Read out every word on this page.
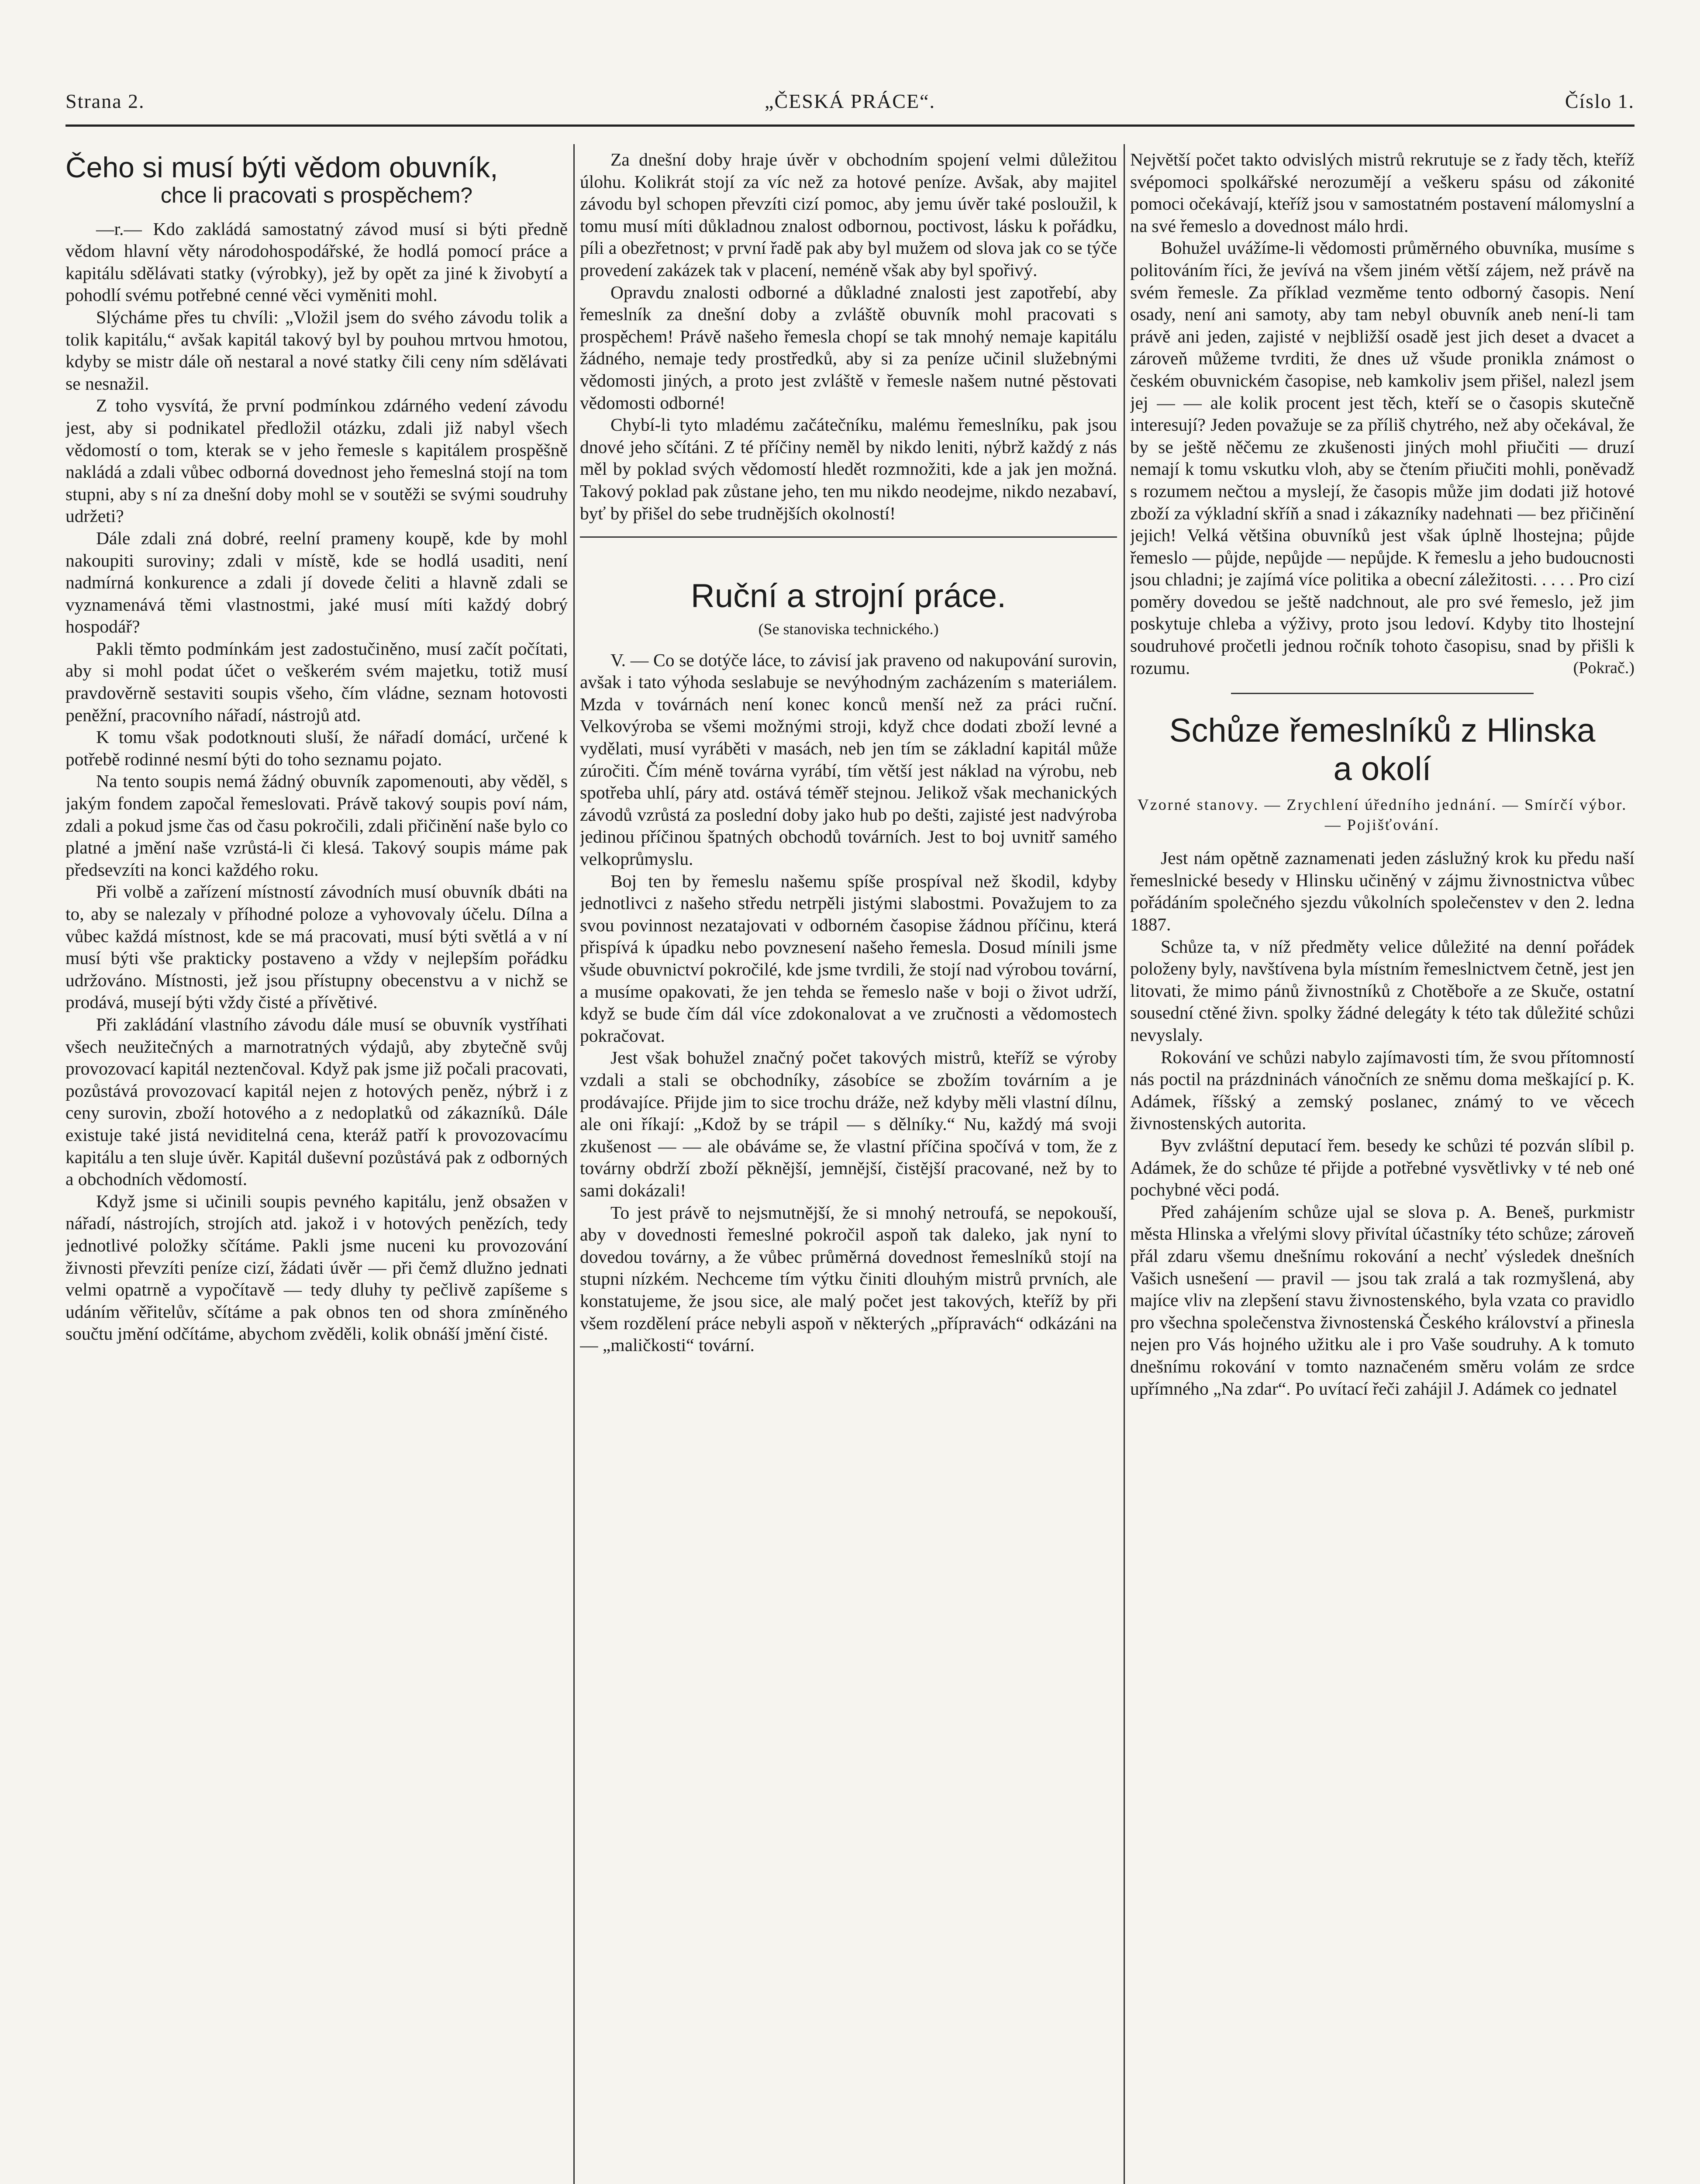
Strana 2.	„ČESKÁ PRÁCE“.	Číslo 1.
Čeho si musí býti vědom obuvník,
chce li pracovati s prospěchem?

—r.— Kdo zakládá samostatný závod musí si býti předně vědom hlavní věty národohospodářské, že hodlá pomocí práce a kapitálu sdělávati statky (výrobky), jež by opět za jiné k živobytí a pohodlí svému potřebné cenné věci vyměniti mohl.

Slýcháme přes tu chvíli: „Vložil jsem do svého závodu tolik a tolik kapitálu,“ avšak kapitál takový byl by pouhou mrtvou hmotou, kdyby se mistr dále oň nestaral a nové statky čili ceny ním sdělávati se nesnažil.

Z toho vysvítá, že první podmínkou zdárného vedení závodu jest, aby si podnikatel předložil otázku, zdali již nabyl všech vědomostí o tom, kterak se v jeho řemesle s kapitálem prospěšně nakládá a zdali vůbec odborná dovednost jeho řemeslná stojí na tom stupni, aby s ní za dnešní doby mohl se v soutěži se svými soudruhy udržeti?

Dále zdali zná dobré, reelní prameny koupě, kde by mohl nakoupiti suroviny; zdali v místě, kde se hodlá usaditi, není nadmírná konkurence a zdali jí dovede čeliti a hlavně zdali se vyznamenává těmi vlastnostmi, jaké musí míti každý dobrý hospodář?

Pakli těmto podmínkám jest zadostučiněno, musí začít počítati, aby si mohl podat účet o veškerém svém majetku, totiž musí pravdověrně sestaviti soupis všeho, čím vládne, seznam hotovosti peněžní, pracovního nářadí, nástrojů atd.

K tomu však podotknouti sluší, že nářadí domácí, určené k potřebě rodinné nesmí býti do toho seznamu pojato.

Na tento soupis nemá žádný obuvník zapomenouti, aby věděl, s jakým fondem započal řemeslovati. Právě takový soupis poví nám, zdali a pokud jsme čas od času pokročili, zdali přičinění naše bylo co platné a jmění naše vzrůstá-li či klesá. Takový soupis máme pak předsevzíti na konci každého roku.

Při volbě a zařízení místností závodních musí obuvník dbáti na to, aby se nalezaly v příhodné poloze a vyhovovaly účelu. Dílna a vůbec každá místnost, kde se má pracovati, musí býti světlá a v ní musí býti vše prakticky postaveno a vždy v nejlepším pořádku udržováno. Místnosti, jež jsou přístupny obecenstvu a v nichž se prodává, musejí býti vždy čisté a přívětivé.

Při zakládání vlastního závodu dále musí se obuvník vystříhati všech neužitečných a marnotratných výdajů, aby zbytečně svůj provozovací kapitál neztenčoval. Když pak jsme již počali pracovati, pozůstává provozovací kapitál nejen z hotových peněz, nýbrž i z ceny surovin, zboží hotového a z nedoplatků od zákazníků. Dále existuje také jistá neviditelná cena, kteráž patří k provozovacímu kapitálu a ten sluje úvěr. Kapitál duševní pozůstává pak z odborných a obchodních vědomostí.

Když jsme si učinili soupis pevného kapitálu, jenž obsažen v nářadí, nástrojích, strojích atd. jakož i v hotových penězích, tedy jednotlivé položky sčítáme. Pakli jsme nuceni ku provozování živnosti převzíti peníze cizí, žádati úvěr — při čemž dlužno jednati velmi opatrně a vypočítavě — tedy dluhy ty pečlivě zapíšeme s udáním věřitelův, sčítáme a pak obnos ten od shora zmíněného součtu jmění odčítáme, abychom zvěděli, kolik obnáší jmění čisté.

Za dnešní doby hraje úvěr v obchodním spojení velmi důležitou úlohu. Kolikrát stojí za víc než za hotové peníze. Avšak, aby majitel závodu byl schopen převzíti cizí pomoc, aby jemu úvěr také posloužil, k tomu musí míti důkladnou znalost odbornou, poctivost, lásku k pořádku, píli a obezřetnost; v první řadě pak aby byl mužem od slova jak co se týče provedení zakázek tak v placení, neméně však aby byl spořivý.

Opravdu znalosti odborné a důkladné znalosti jest zapotřebí, aby řemeslník za dnešní doby a zvláště obuvník mohl pracovati s prospěchem! Právě našeho řemesla chopí se tak mnohý nemaje kapitálu žádného, nemaje tedy prostředků, aby si za peníze učinil služebnými vědomosti jiných, a proto jest zvláště v řemesle našem nutné pěstovati vědomosti odborné!

Chybí-li tyto mladému začátečníku, malému řemeslníku, pak jsou dnové jeho sčítáni. Z té příčiny neměl by nikdo leniti, nýbrž každý z nás měl by poklad svých vědomostí hledět rozmnožiti, kde a jak jen možná. Takový poklad pak zůstane jeho, ten mu nikdo neodejme, nikdo nezabaví, byť by přišel do sebe trudnějších okolností!

Ruční a strojní práce.
(Se stanoviska technického.)

V. — Co se dotýče láce, to závisí jak praveno od nakupování surovin, avšak i tato výhoda seslabuje se nevýhodným zacházením s materiálem. Mzda v továrnách není konec konců menší než za práci ruční. Velkovýroba se všemi možnými stroji, když chce dodati zboží levné a vydělati, musí vyráběti v masách, neb jen tím se základní kapitál může zúročiti. Čím méně továrna vyrábí, tím větší jest náklad na výrobu, neb spotřeba uhlí, páry atd. ostává téměř stejnou. Jelikož však mechanických závodů vzrůstá za poslední doby jako hub po dešti, zajisté jest nadvýroba jedinou příčinou špatných obchodů továrních. Jest to boj uvnitř samého velkoprůmyslu.

Boj ten by řemeslu našemu spíše prospíval než škodil, kdyby jednotlivci z našeho středu netrpěli jistými slabostmi. Považujem to za svou povinnost nezatajovati v odborném časopise žádnou příčinu, která přispívá k úpadku nebo povznesení našeho řemesla. Dosud mínili jsme všude obuvnictví pokročilé, kde jsme tvrdili, že stojí nad výrobou tovární, a musíme opakovati, že jen tehda se řemeslo naše v boji o život udrží, když se bude čím dál více zdokonalovat a ve zručnosti a vědomostech pokračovat.

Jest však bohužel značný počet takových mistrů, kteříž se výroby vzdali a stali se obchodníky, zásobíce se zbožím továrním a je prodávajíce. Přijde jim to sice trochu dráže, než kdyby měli vlastní dílnu, ale oni říkají: „Kdož by se trápil — s dělníky.“ Nu, každý má svoji zkušenost — — ale obáváme se, že vlastní příčina spočívá v tom, že z továrny obdrží zboží pěknější, jemnější, čistější pracované, než by to sami dokázali!

To jest právě to nejsmutnější, že si mnohý netroufá, se nepokouší, aby v dovednosti řemeslné pokročil aspoň tak daleko, jak nyní to dovedou továrny, a že vůbec průměrná dovednost řemeslníků stojí na stupni nízkém. Nechceme tím výtku činiti dlouhým mistrů prvních, ale konstatujeme, že jsou sice, ale malý počet jest takových, kteříž by při všem rozdělení práce nebyli aspoň v některých „přípravách“ odkázáni na — „maličkosti“ tovární.

Největší počet takto odvislých mistrů rekrutuje se z řady těch, kteříž svépomoci spolkářské nerozumějí a veškeru spásu od zákonité pomoci očekávají, kteříž jsou v samostatném postavení málomyslní a na své řemeslo a dovednost málo hrdi.

Bohužel uvážíme-li vědomosti průměrného obuvníka, musíme s politováním říci, že jevívá na všem jiném větší zájem, než právě na svém řemesle. Za příklad vezměme tento odborný časopis. Není osady, není ani samoty, aby tam nebyl obuvník aneb není-li tam právě ani jeden, zajisté v nejbližší osadě jest jich deset a dvacet a zároveň můžeme tvrditi, že dnes už všude pronikla známost o českém obuvnickém časopise, neb kamkoliv jsem přišel, nalezl jsem jej — — ale kolik procent jest těch, kteří se o časopis skutečně interesují? Jeden považuje se za příliš chytrého, než aby očekával, že by se ještě něčemu ze zkušenosti jiných mohl přiučiti — druzí nemají k tomu vskutku vloh, aby se čtením přiučiti mohli, poněvadž s rozumem nečtou a myslejí, že časopis může jim dodati již hotové zboží za výkladní skříň a snad i zákazníky nadehnati — bez přičinění jejich! Velká většina obuvníků jest však úplně lhostejna; půjde řemeslo — půjde, nepůjde — nepůjde. K řemeslu a jeho budoucnosti jsou chladni; je zajímá více politika a obecní záležitosti. . . . . Pro cizí poměry dovedou se ještě nadchnout, ale pro své řemeslo, jež jim poskytuje chleba a výživy, proto jsou ledoví. Kdyby tito lhostejní soudruhové pročetli jednou ročník tohoto časopisu, snad by přišli k rozumu.	(Pokrač.)

Schůze řemeslníků z Hlinska
a okolí
Vzorné stanovy. — Zrychlení úředního jednání. — Smírčí výbor. — Pojišťování.

Jest nám opětně zaznamenati jeden záslužný krok ku předu naší řemeslnické besedy v Hlinsku učiněný v zájmu živnostnictva vůbec pořádáním společného sjezdu vůkolních společenstev v den 2. ledna 1887.

Schůze ta, v níž předměty velice důležité na denní pořádek položeny byly, navštívena byla místním řemeslnictvem četně, jest jen litovati, že mimo pánů živnostníků z Chotěboře a ze Skuče, ostatní sousední ctěné živn. spolky žádné delegáty k této tak důležité schůzi nevyslaly.

Rokování ve schůzi nabylo zajímavosti tím, že svou přítomností nás poctil na prázdninách vánočních ze sněmu doma meškající p. K. Adámek, říšský a zemský poslanec, známý to ve věcech živnostenských autorita.

Byv zvláštní deputací řem. besedy ke schůzi té pozván slíbil p. Adámek, že do schůze té přijde a potřebné vysvětlivky v té neb oné pochybné věci podá.

Před zahájením schůze ujal se slova p. A. Beneš, purkmistr města Hlinska a vřelými slovy přivítal účastníky této schůze; zároveň přál zdaru všemu dnešnímu rokování a nechť výsledek dnešních Vašich usnešení — pravil — jsou tak zralá a tak rozmyšlená, aby majíce vliv na zlepšení stavu živnostenského, byla vzata co pravidlo pro všechna společenstva živnostenská Českého království a přinesla nejen pro Vás hojného užitku ale i pro Vaše soudruhy. A k tomuto dnešnímu rokování v tomto naznačeném směru volám ze srdce upřímného „Na zdar“. Po uvítací řeči zahájil J. Adámek co jednatel
